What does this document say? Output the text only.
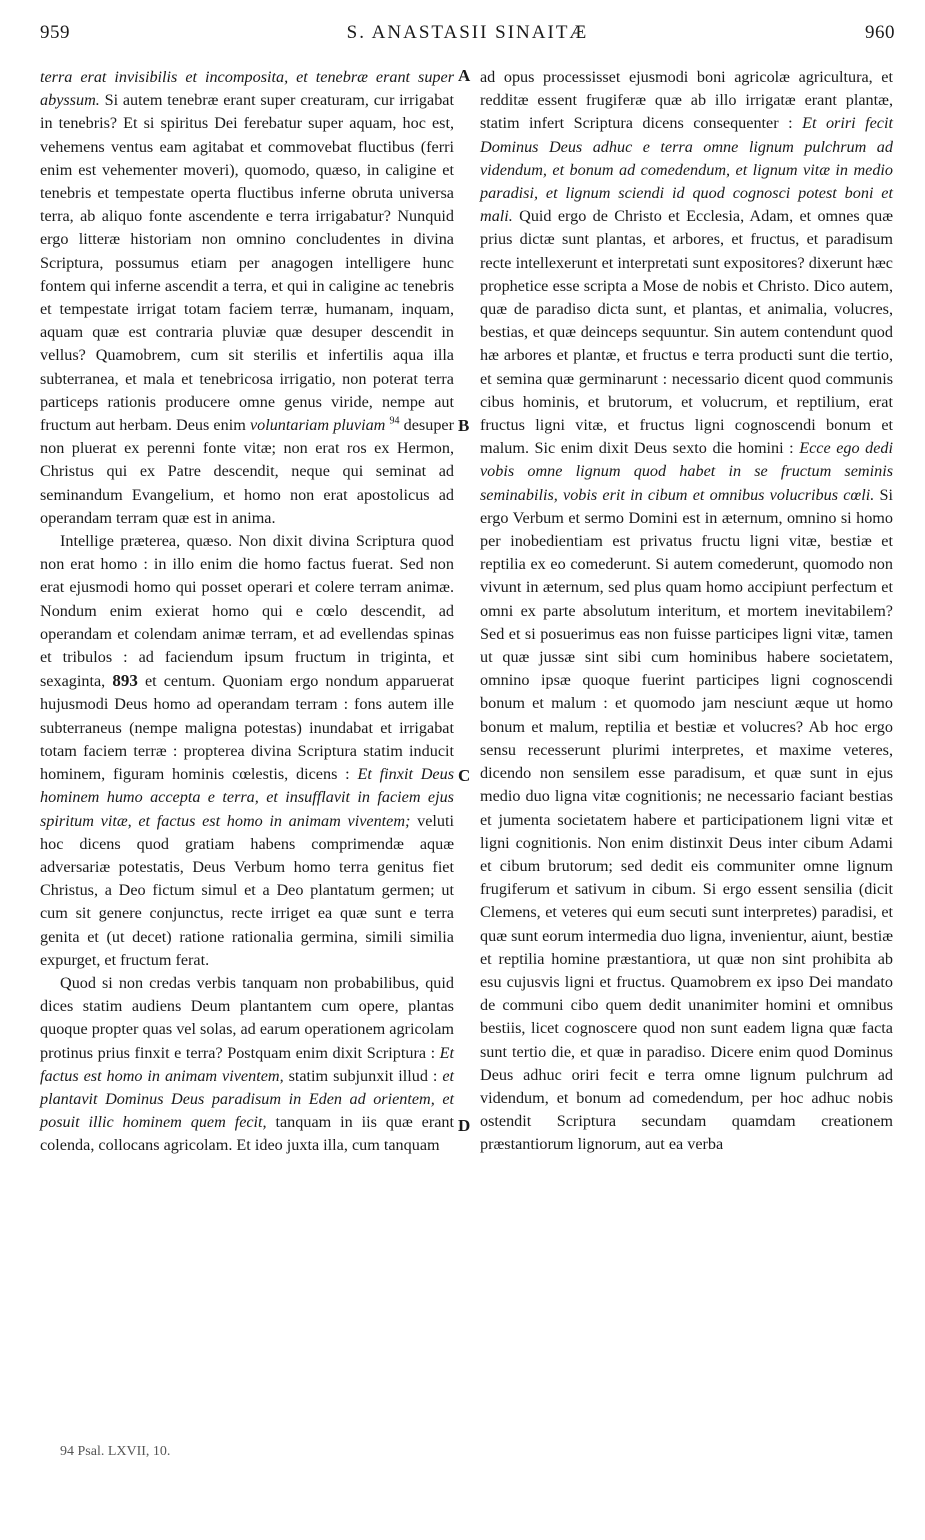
959	S. ANASTASII SINAITÆ	960

terra erat invisibilis et incomposita, et tenebræ erant super abyssum. Si autem tenebræ erant super creaturam, cur irrigabat in tenebris? Et si spiritus Dei ferebatur super aquam, hoc est, vehemens ventus eam agitabat et commovebat fluctibus (ferri enim est vehementer moveri), quomodo, quæso, in caligine et tenebris et tempestate operta fluctibus inferne obruta universa terra, ab aliquo fonte ascendente e terra irrigabatur? Nunquid ergo litteræ historiam non omnino concludentes in divina Scriptura, possumus etiam per anagogen intelligere hunc fontem qui inferne ascendit a terra, et qui in caligine ac tenebris et tempestate irrigat totam faciem terræ, humanam, inquam, aquam quæ est contraria pluviæ quæ desuper descendit in vellus? Quamobrem, cum sit sterilis et infertilis aqua illa subterranea, et mala et tenebricosa irrigatio, non poterat terra particeps rationis producere omne genus viride, nempe aut fructum aut herbam. Deus enim voluntariam pluviam $^{94}$ desuper non pluerat ex perenni fonte vitæ; non erat ros ex Hermon, Christus qui ex Patre descendit, neque qui seminat ad seminandum Evangelium, et homo non erat apostolicus ad operandam terram quæ est in anima.

Intellige præterea, quæso. Non dixit divina Scriptura quod non erat homo : in illo enim die homo factus fuerat. Sed non erat ejusmodi homo qui posset operari et colere terram animæ. Nondum enim exierat homo qui e cœlo descendit, ad operandam et colendam animæ terram, et ad evellendas spinas et tribulos : ad faciendum ipsum fructum in triginta, et sexaginta, 893 et centum. Quoniam ergo nondum apparuerat hujusmodi Deus homo ad operandam terram : fons autem ille subterraneus (nempe maligna potestas) inundabat et irrigabat totam faciem terræ : propterea divina Scriptura statim inducit hominem, figuram hominis cœlestis, dicens : Et finxit Deus hominem humo accepta e terra, et insufflavit in faciem ejus spiritum vitæ, et factus est homo in animam viventem; veluti hoc dicens quod gratiam habens comprimendæ aquæ adversariæ potestatis, Deus Verbum homo terra genitus fiet Christus, a Deo fictum simul et a Deo plantatum germen; ut cum sit genere conjunctus, recte irriget ea quæ sunt e terra genita et (ut decet) ratione rationalia germina, simili similia expurget, et fructum ferat.

Quod si non credas verbis tanquam non probabilibus, quid dices statim audiens Deum plantantem cum opere, plantas quoque propter quas vel solas, ad earum operationem agricolam protinus prius finxit e terra? Postquam enim dixit Scriptura : Et factus est homo in animam viventem, statim subjunxit illud : et plantavit Dominus Deus paradisum in Eden ad orientem, et posuit illic hominem quem fecit, tanquam in iis quæ erant colenda, collocans agricolam. Et ideo juxta illa, cum tanquam

A
B
C
D

ad opus processisset ejusmodi boni agricolæ agricultura, et redditæ essent frugiferæ quæ ab illo irrigatæ erant plantæ, statim infert Scriptura dicens consequenter : Et oriri fecit Dominus Deus adhuc e terra omne lignum pulchrum ad videndum, et bonum ad comedendum, et lignum vitæ in medio paradisi, et lignum sciendi id quod cognosci potest boni et mali. Quid ergo de Christo et Ecclesia, Adam, et omnes quæ prius dictæ sunt plantas, et arbores, et fructus, et paradisum recte intellexerunt et interpretati sunt expositores? dixerunt hæc prophetice esse scripta a Mose de nobis et Christo. Dico autem, quæ de paradiso dicta sunt, et plantas, et animalia, volucres, bestias, et quæ deinceps sequuntur. Sin autem contendunt quod hæ arbores et plantæ, et fructus e terra producti sunt die tertio, et semina quæ germinarunt : necessario dicent quod communis cibus hominis, et brutorum, et volucrum, et reptilium, erat fructus ligni vitæ, et fructus ligni cognoscendi bonum et malum. Sic enim dixit Deus sexto die homini : Ecce ego dedi vobis omne lignum quod habet in se fructum seminis seminabilis, vobis erit in cibum et omnibus volucribus cœli. Si ergo Verbum et sermo Domini est in æternum, omnino si homo per inobedientiam est privatus fructu ligni vitæ, bestiæ et reptilia ex eo comederunt. Si autem comederunt, quomodo non vivunt in æternum, sed plus quam homo accipiunt perfectum et omni ex parte absolutum interitum, et mortem inevitabilem? Sed et si posuerimus eas non fuisse participes ligni vitæ, tamen ut quæ jussæ sint sibi cum hominibus habere societatem, omnino ipsæ quoque fuerint participes ligni cognoscendi bonum et malum : et quomodo jam nesciunt æque ut homo bonum et malum, reptilia et bestiæ et volucres? Ab hoc ergo sensu recesserunt plurimi interpretes, et maxime veteres, dicendo non sensilem esse paradisum, et quæ sunt in ejus medio duo ligna vitæ cognitionis; ne necessario faciant bestias et jumenta societatem habere et participationem ligni vitæ et ligni cognitionis. Non enim distinxit Deus inter cibum Adami et cibum brutorum; sed dedit eis communiter omne lignum frugiferum et sativum in cibum. Si ergo essent sensilia (dicit Clemens, et veteres qui eum secuti sunt interpretes) paradisi, et quæ sunt eorum intermedia duo ligna, invenientur, aiunt, bestiæ et reptilia homine præstantiora, ut quæ non sint prohibita ab esu cujusvis ligni et fructus. Quamobrem ex ipso Dei mandato de communi cibo quem dedit unanimiter homini et omnibus bestiis, licet cognoscere quod non sunt eadem ligna quæ facta sunt tertio die, et quæ in paradiso. Dicere enim quod Dominus Deus adhuc oriri fecit e terra omne lignum pulchrum ad videndum, et bonum ad comedendum, per hoc adhuc nobis ostendit Scriptura secundam quamdam creationem præstantiorum lignorum, aut ea verba

94 Psal. LXVII, 10.
